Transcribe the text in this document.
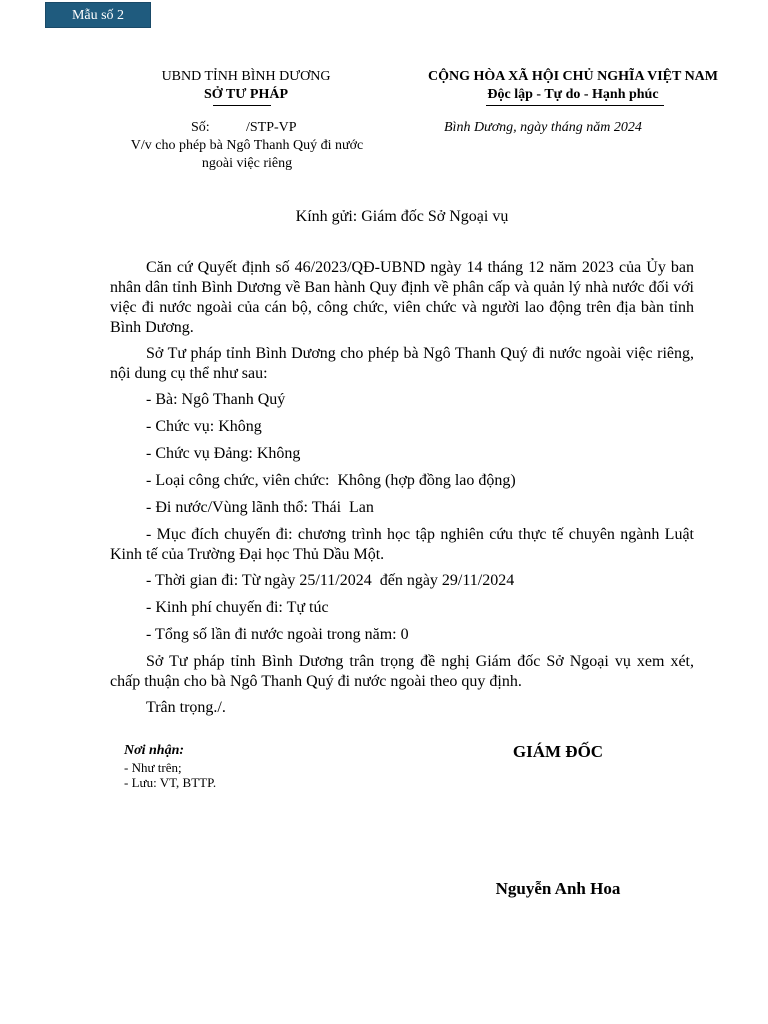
Mẫu số 2
UBND TỈNH BÌNH DƯƠNG
SỞ TƯ PHÁP
Số:	/STP-VP
V/v cho phép bà Ngô Thanh Quý đi nước
ngoài việc riêng
CỘNG HÒA XÃ HỘI CHỦ NGHĨA VIỆT NAM
Độc lập - Tự do - Hạnh phúc
Bình Dương, ngày tháng năm 2024
Kính gửi: Giám đốc Sở Ngoại vụ
Căn cứ Quyết định số 46/2023/QĐ-UBND ngày 14 tháng 12 năm 2023 của Ủy ban nhân dân tỉnh Bình Dương về Ban hành Quy định về phân cấp và quản lý nhà nước đối với việc đi nước ngoài của cán bộ, công chức, viên chức và người lao động trên địa bàn tỉnh Bình Dương.
Sở Tư pháp tỉnh Bình Dương cho phép bà Ngô Thanh Quý đi nước ngoài việc riêng, nội dung cụ thể như sau:
- Bà: Ngô Thanh Quý
- Chức vụ: Không
- Chức vụ Đảng: Không
- Loại công chức, viên chức:  Không (hợp đồng lao động)
- Đi nước/Vùng lãnh thổ: Thái  Lan
- Mục đích chuyến đi: chương trình học tập nghiên cứu thực tế chuyên ngành Luật Kinh tế của Trường Đại học Thủ Dầu Một.
- Thời gian đi: Từ ngày 25/11/2024  đến ngày 29/11/2024
- Kinh phí chuyến đi: Tự túc
- Tổng số lần đi nước ngoài trong năm: 0
Sở Tư pháp tỉnh Bình Dương trân trọng đề nghị Giám đốc Sở Ngoại vụ xem xét, chấp thuận cho bà Ngô Thanh Quý đi nước ngoài theo quy định.
Trân trọng./.
Nơi nhận:
- Như trên;
- Lưu: VT, BTTP.
GIÁM ĐỐC
Nguyễn Anh Hoa
